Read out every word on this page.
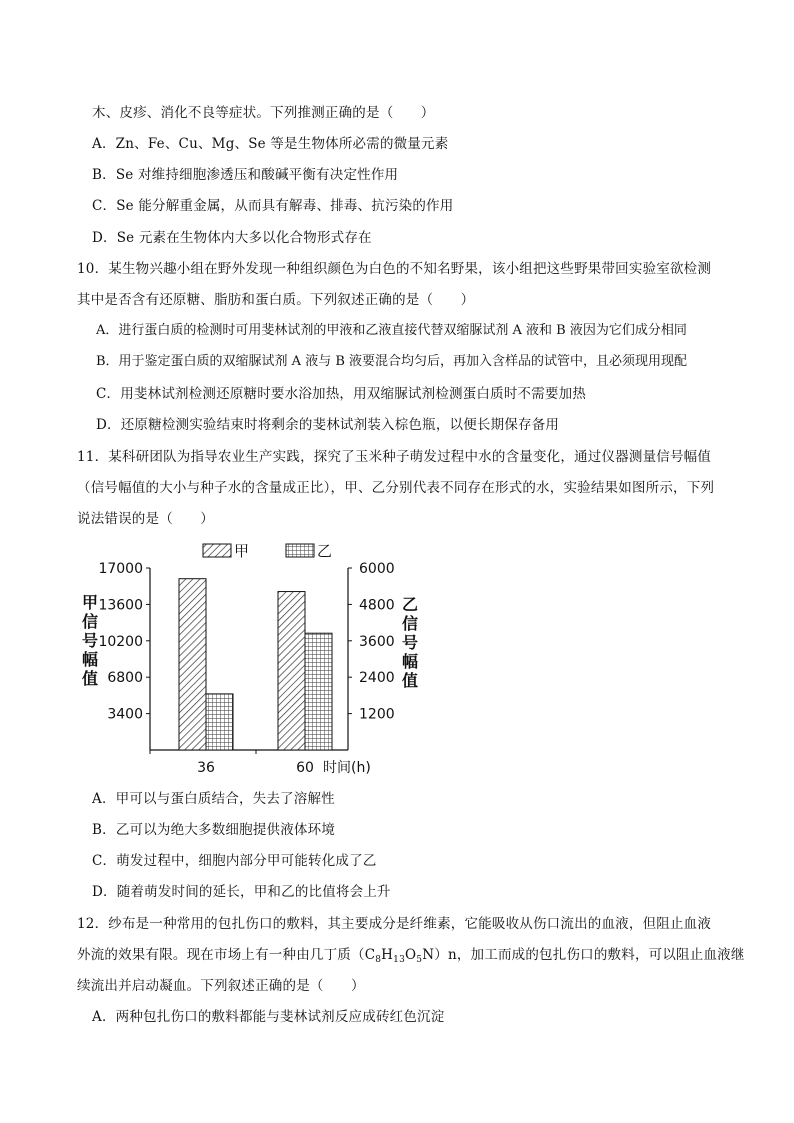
木、皮疹、消化不良等症状。下列推测正确的是（　　）
A．Zn、Fe、Cu、Mg、Se 等是生物体所必需的微量元素
B．Se 对维持细胞渗透压和酸碱平衡有决定性作用
C．Se 能分解重金属，从而具有解毒、排毒、抗污染的作用
D．Se 元素在生物体内大多以化合物形式存在
10．某生物兴趣小组在野外发现一种组织颜色为白色的不知名野果，该小组把这些野果带回实验室欲检测
其中是否含有还原糖、脂肪和蛋白质。下列叙述正确的是（　　）
A．进行蛋白质的检测时可用斐林试剂的甲液和乙液直接代替双缩脲试剂 A 液和 B 液因为它们成分相同
B．用于鉴定蛋白质的双缩脲试剂 A 液与 B 液要混合均匀后，再加入含样品的试管中，且必须现用现配
C．用斐林试剂检测还原糖时要水浴加热，用双缩脲试剂检测蛋白质时不需要加热
D．还原糖检测实验结束时将剩余的斐林试剂装入棕色瓶，以便长期保存备用
11．某科研团队为指导农业生产实践，探究了玉米种子萌发过程中水的含量变化，通过仪器测量信号幅值
（信号幅值的大小与种子水的含量成正比），甲、乙分别代表不同存在形式的水，实验结果如图所示，下列
说法错误的是（　　）
甲	乙
3400
6800
10200
13600
17000
1200
2400
3600
4800
6000
36	60 时间(h)
甲
信
号
幅
值
乙
信
号
幅
值
A．甲可以与蛋白质结合，失去了溶解性
B．乙可以为绝大多数细胞提供液体环境
C．萌发过程中，细胞内部分甲可能转化成了乙
D．随着萌发时间的延长，甲和乙的比值将会上升
12．纱布是一种常用的包扎伤口的敷料，其主要成分是纤维素，它能吸收从伤口流出的血液，但阻止血液
外流的效果有限。现在市场上有一种由几丁质$(C_8H_{13}O_5N)n$，加工而成的包扎伤口的敷料，可以阻止血液继
续流出并启动凝血。下列叙述正确的是（　　）
A．两种包扎伤口的敷料都能与斐林试剂反应成砖红色沉淀
